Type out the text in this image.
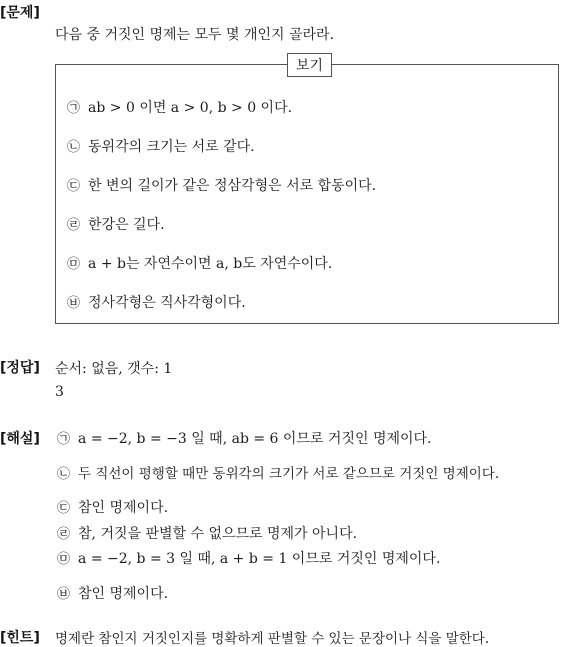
[문제]
다음 중 거짓인 명제는 모두 몇 개인지 골라라.
보기
㉠ ab > 0 이면 a > 0, b > 0 이다.
㉡ 동위각의 크기는 서로 같다.
㉢ 한 변의 길이가 같은 정삼각형은 서로 합동이다.
㉣ 한강은 길다.
㉤ a + b는 자연수이면 a, b도 자연수이다.
㉥ 정사각형은 직사각형이다.
[정답] 순서: 없음, 갯수: 1
3
[해설] ㉠ a = −2, b = −3 일 때, ab = 6 이므로 거짓인 명제이다.
㉡ 두 직선이 평행할 때만 동위각의 크기가 서로 같으므로 거짓인 명제이다.
㉢ 참인 명제이다.
㉣ 참, 거짓을 판별할 수 없으므로 명제가 아니다.
㉤ a = −2, b = 3 일 때, a + b = 1 이므로 거짓인 명제이다.
㉥ 참인 명제이다.
[힌트] 명제란 참인지 거짓인지를 명확하게 판별할 수 있는 문장이나 식을 말한다.
